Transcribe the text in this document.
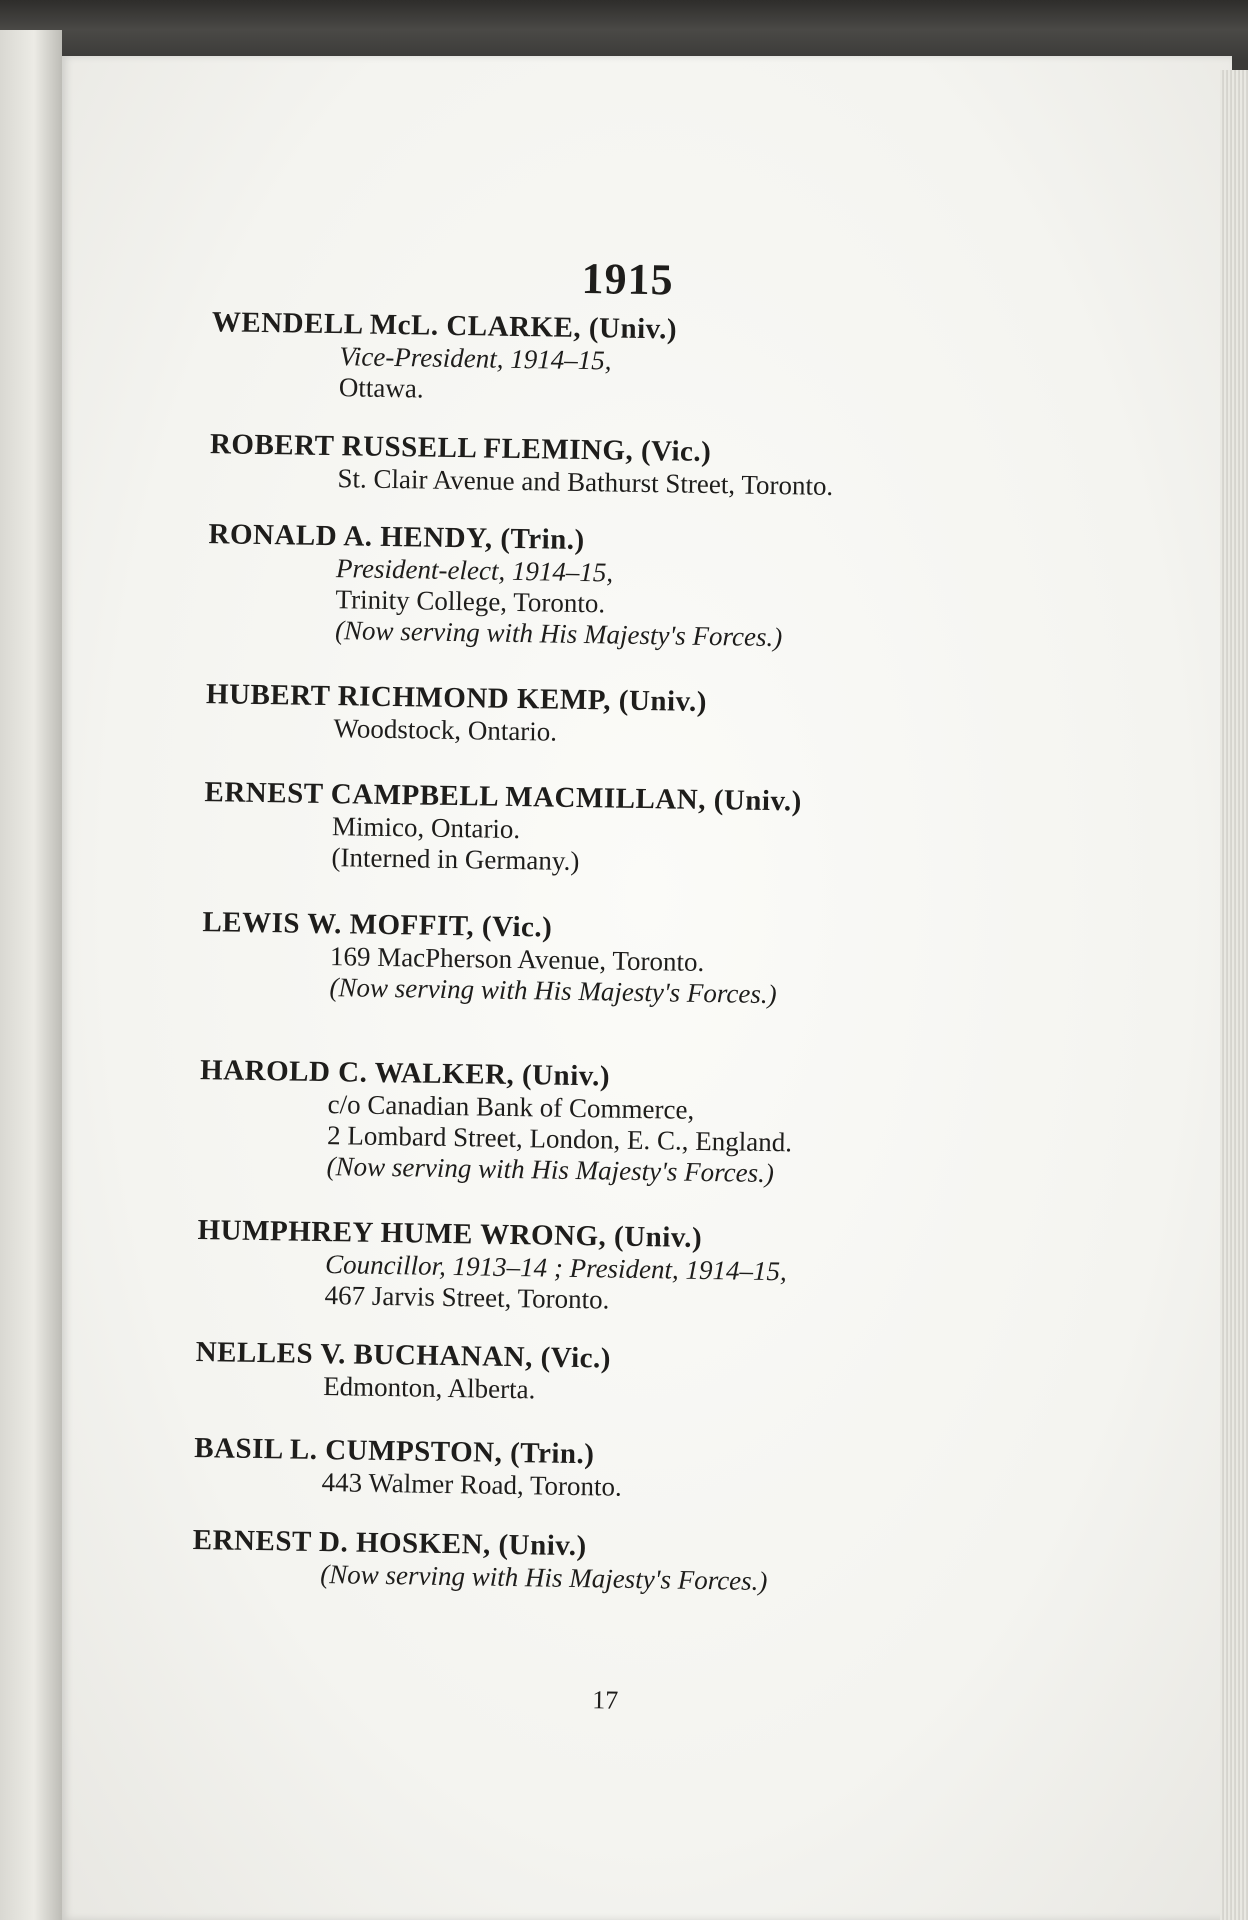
1915
WENDELL McL. CLARKE, (Univ.)
Vice-President, 1914–15,
Ottawa.
ROBERT RUSSELL FLEMING, (Vic.)
St. Clair Avenue and Bathurst Street, Toronto.
RONALD A. HENDY, (Trin.)
President-elect, 1914–15,
Trinity College, Toronto.
(Now serving with His Majesty's Forces.)
HUBERT RICHMOND KEMP, (Univ.)
Woodstock, Ontario.
ERNEST CAMPBELL MACMILLAN, (Univ.)
Mimico, Ontario.
(Interned in Germany.)
LEWIS W. MOFFIT, (Vic.)
169 MacPherson Avenue, Toronto.
(Now serving with His Majesty's Forces.)
HAROLD C. WALKER, (Univ.)
c/o Canadian Bank of Commerce,
2 Lombard Street, London, E. C., England.
(Now serving with His Majesty's Forces.)
HUMPHREY HUME WRONG, (Univ.)
Councillor, 1913–14 ; President, 1914–15,
467 Jarvis Street, Toronto.
NELLES V. BUCHANAN, (Vic.)
Edmonton, Alberta.
BASIL L. CUMPSTON, (Trin.)
443 Walmer Road, Toronto.
ERNEST D. HOSKEN, (Univ.)
(Now serving with His Majesty's Forces.)
17
